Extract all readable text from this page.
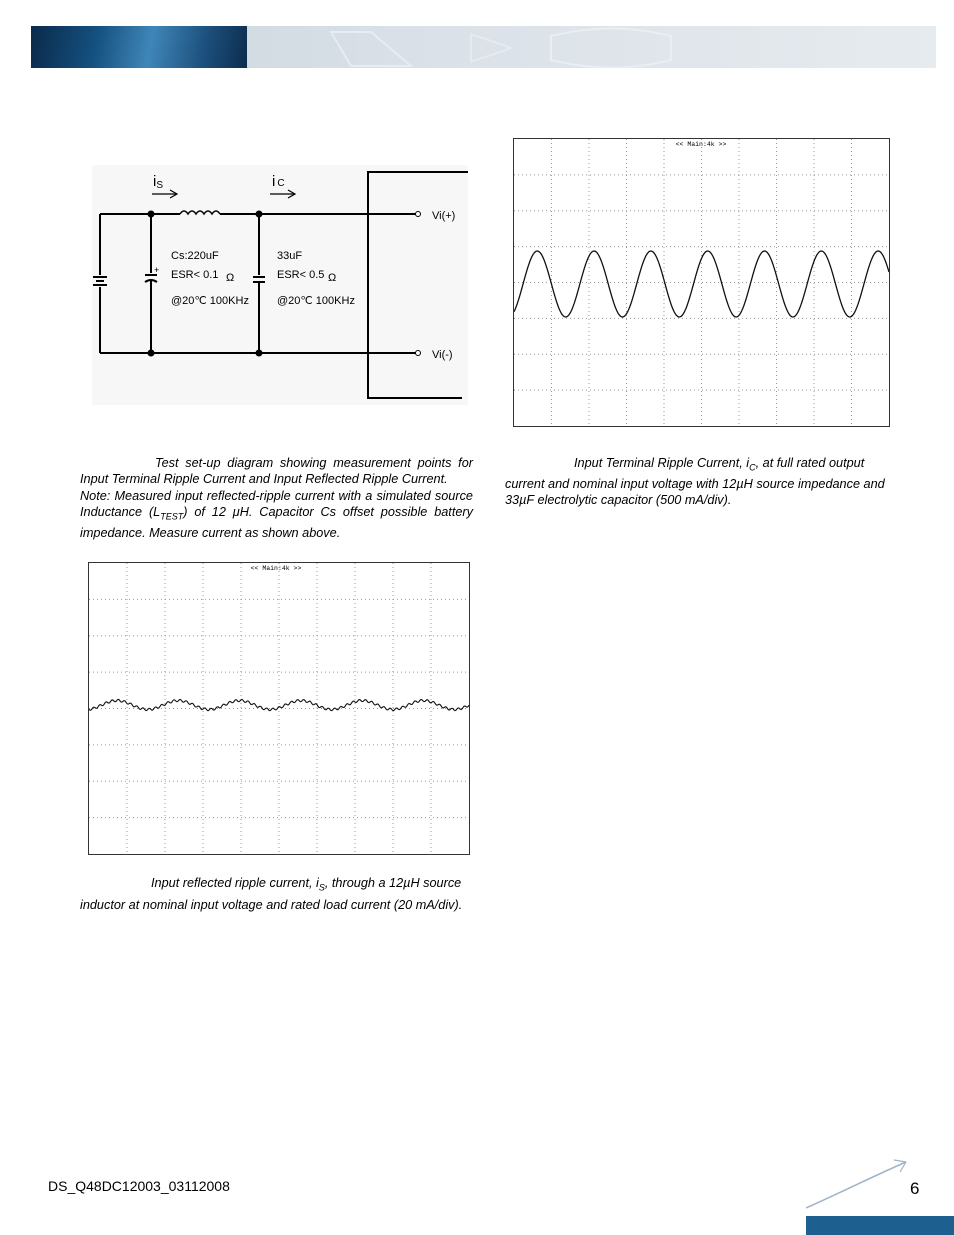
+
iS	i C
Cs:220uF
ESR< 0.1 Ω
@20℃ 100KHz
33uF
ESR< 0.5 Ω
@20℃ 100KHz
Vi(+)
Vi(-)
<< Main:4k >>
<< Main:4k >>

Test set-up diagram showing measurement points for Input Terminal Ripple Current and Input Reflected Ripple Current.

Note: Measured input reflected-ripple current with a simulated source Inductance $(L_{TEST})$ of 12 μH. Capacitor Cs offset possible battery impedance. Measure current as shown above.

Input Terminal Ripple Current, $i_C$, at full rated output current and nominal input voltage with 12µH source impedance and 33µF electrolytic capacitor (500 mA/div).

Input reflected ripple current, $i_S$, through a 12µH source inductor at nominal input voltage and rated load current (20 mA/div).

DS_Q48DC12003_03112008	6
